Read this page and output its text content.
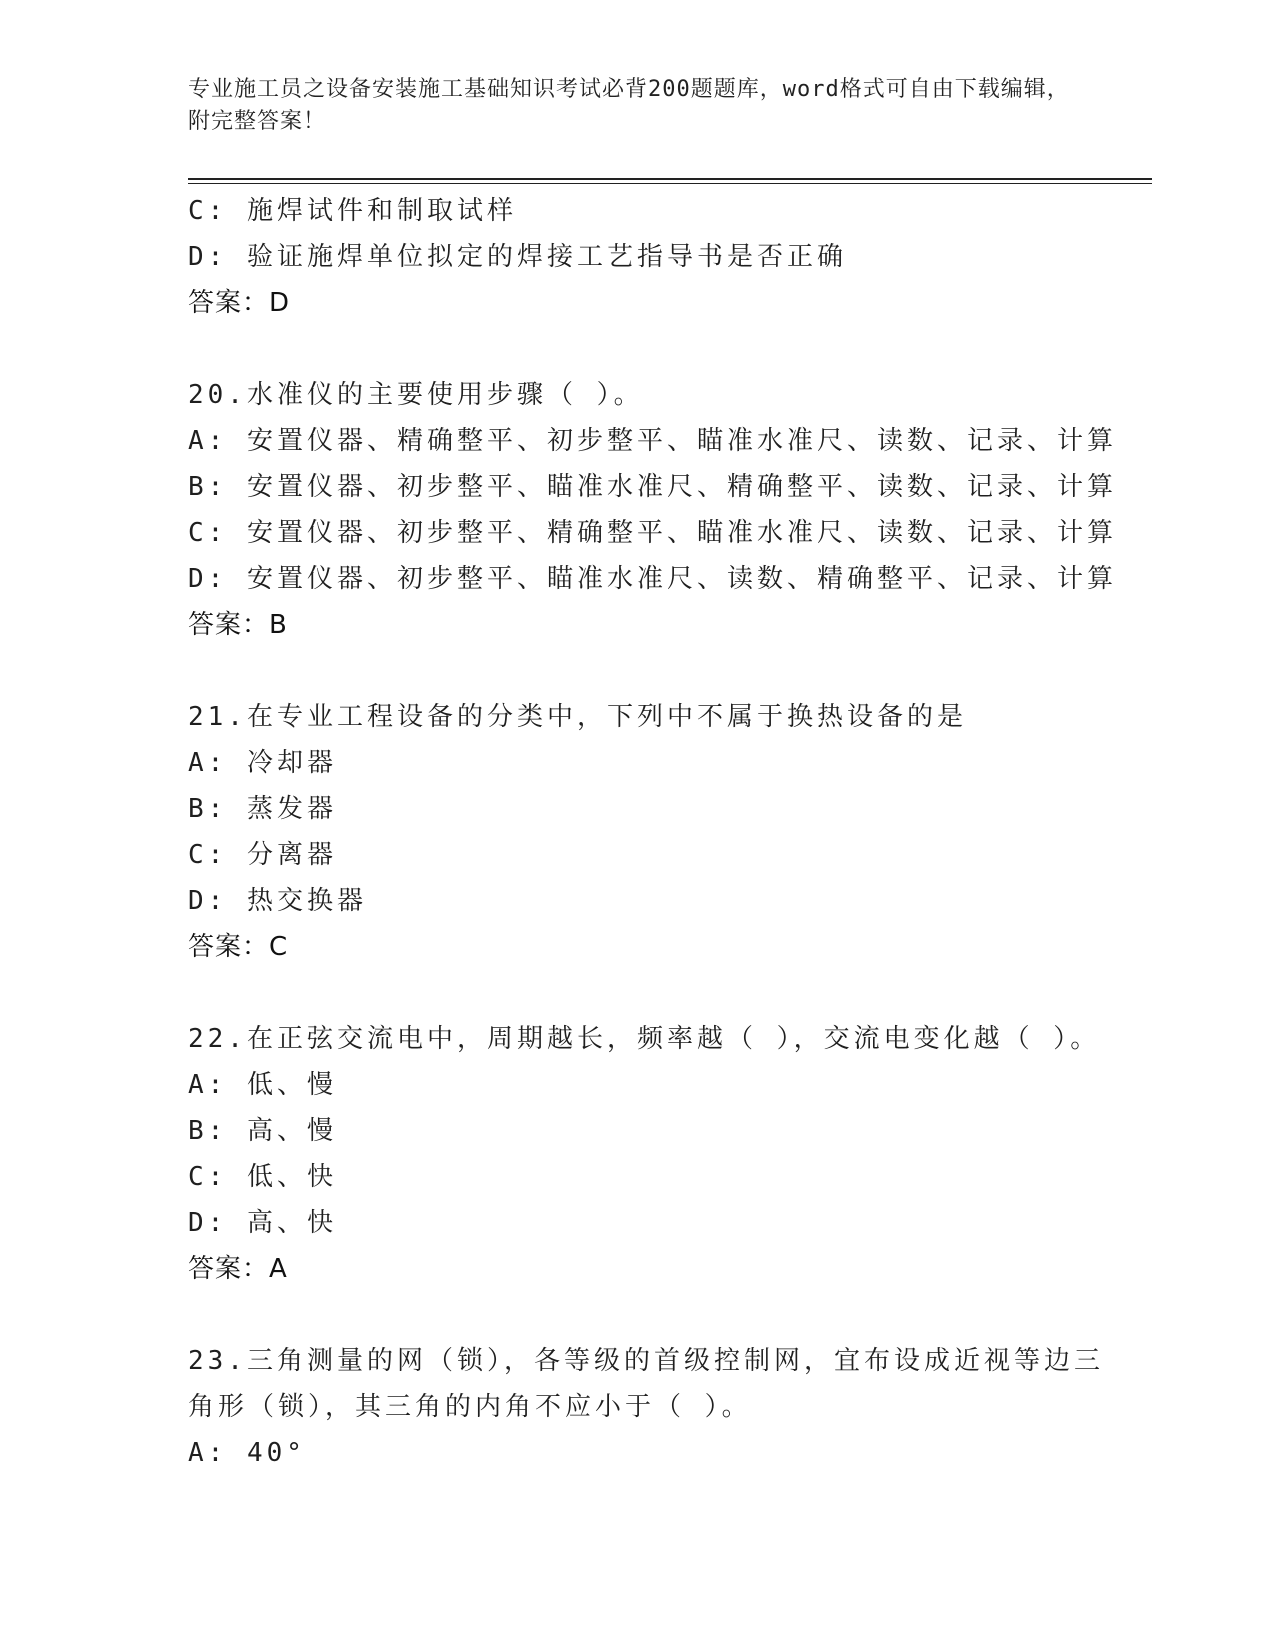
专业施工员之设备安装施工基础知识考试必背200题题库，word格式可自由下载编辑，附完整答案！
C: 施焊试件和制取试样
D: 验证施焊单位拟定的焊接工艺指导书是否正确
答案：D
20.水准仪的主要使用步骤（ ）。
A: 安置仪器、精确整平、初步整平、瞄准水准尺、读数、记录、计算
B: 安置仪器、初步整平、瞄准水准尺、精确整平、读数、记录、计算
C: 安置仪器、初步整平、精确整平、瞄准水准尺、读数、记录、计算
D: 安置仪器、初步整平、瞄准水准尺、读数、精确整平、记录、计算
答案：B
21.在专业工程设备的分类中，下列中不属于换热设备的是
A: 冷却器
B: 蒸发器
C: 分离器
D: 热交换器
答案：C
22.在正弦交流电中，周期越长，频率越（ ），交流电变化越（ ）。
A: 低、慢
B: 高、慢
C: 低、快
D: 高、快
答案：A
23.三角测量的网（锁），各等级的首级控制网，宜布设成近视等边三
角形（锁），其三角的内角不应小于（ ）。
A: 40°
